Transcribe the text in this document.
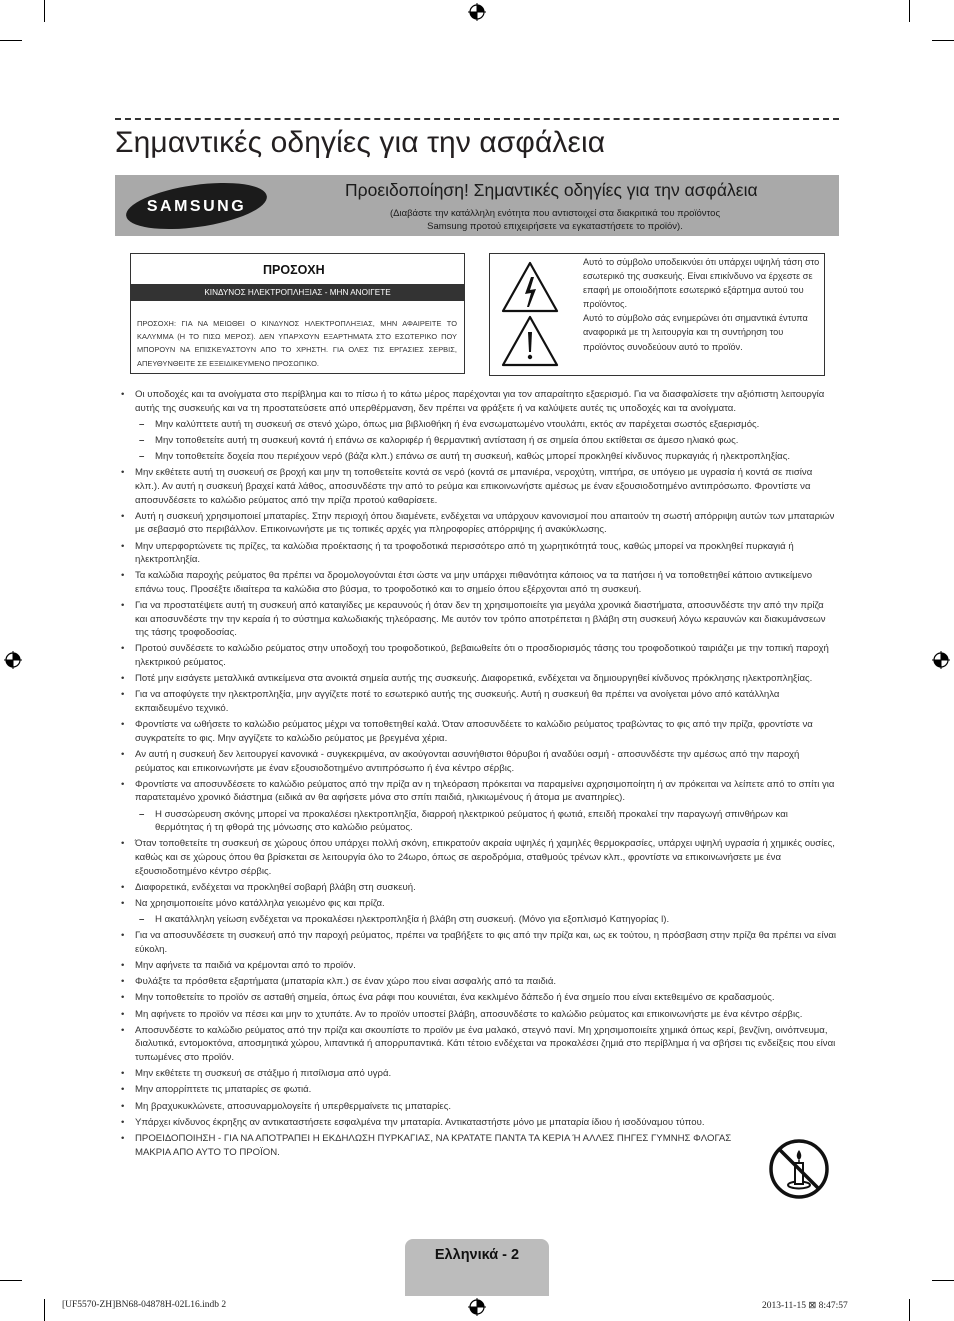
Σημαντικές οδηγίες για την ασφάλεια
SAMSUNG
Προειδοποίηση! Σημαντικές οδηγίες για την ασφάλεια
(Διαβάστε την κατάλληλη ενότητα που αντιστοιχεί στα διακριτικά του προϊόντος
Samsung προτού επιχειρήσετε να εγκαταστήσετε το προϊόν).
ΠΡΟΣΟΧΗ
ΚΙΝΔΥΝΟΣ ΗΛΕΚΤΡΟΠΛΗΞΙΑΣ - ΜΗΝ ΑΝΟΙΓΕΤΕ
ΠΡΟΣΟΧΗ: ΓΙΑ ΝΑ ΜΕΙΩΘΕΙ Ο ΚΙΝΔΥΝΟΣ ΗΛΕΚΤΡΟΠΛΗΞΙΑΣ, ΜΗΝ ΑΦΑΙΡΕΙΤΕ ΤΟ ΚΑΛΥΜΜΑ (Η ΤΟ ΠΙΣΩ ΜΕΡΟΣ). ΔΕΝ ΥΠΑΡΧΟΥΝ ΕΞΑΡΤΗΜΑΤΑ ΣΤΟ ΕΣΩΤΕΡΙΚΟ ΠΟΥ ΜΠΟΡΟΥΝ ΝΑ ΕΠΙΣΚΕΥΑΣΤΟΥΝ ΑΠΟ ΤΟ ΧΡΗΣΤΗ. ΓΙΑ ΟΛΕΣ ΤΙΣ ΕΡΓΑΣΙΕΣ ΣΕΡΒΙΣ, ΑΠΕΥΘΥΝΘΕΙΤΕ ΣΕ ΕΞΕΙΔΙΚΕΥΜΕΝΟ ΠΡΟΣΩΠΙΚΟ.
Αυτό το σύμβολο υποδεικνύει ότι υπάρχει υψηλή τάση στο εσωτερικό της συσκευής. Είναι επικίνδυνο να έρχεστε σε επαφή με οποιοδήποτε εσωτερικό εξάρτημα αυτού του προϊόντος.
Αυτό το σύμβολο σάς ενημερώνει ότι σημαντικά έντυπα αναφορικά με τη λειτουργία και τη συντήρηση του προϊόντος συνοδεύουν αυτό το προϊόν.
• Οι υποδοχές και τα ανοίγματα στο περίβλημα και το πίσω ή το κάτω μέρος παρέχονται για τον απαραίτητο εξαερισμό. Για να διασφαλίσετε την αξιόπιστη λειτουργία αυτής της συσκευής και να τη προστατεύσετε από υπερθέρμανση, δεν πρέπει να φράξετε ή να καλύψετε αυτές τις υποδοχές και τα ανοίγματα.
– Μην καλύπτετε αυτή τη συσκευή σε στενό χώρο, όπως μια βιβλιοθήκη ή ένα ενσωματωμένο ντουλάπι, εκτός αν παρέχεται σωστός εξαερισμός.
– Μην τοποθετείτε αυτή τη συσκευή κοντά ή επάνω σε καλοριφέρ ή θερμαντική αντίσταση ή σε σημεία όπου εκτίθεται σε άμεσο ηλιακό φως.
– Μην τοποθετείτε δοχεία που περιέχουν νερό (βάζα κλπ.) επάνω σε αυτή τη συσκευή, καθώς μπορεί προκληθεί κίνδυνος πυρκαγιάς ή ηλεκτροπληξίας.
• Μην εκθέτετε αυτή τη συσκευή σε βροχή και μην τη τοποθετείτε κοντά σε νερό (κοντά σε μπανιέρα, νεροχύτη, νιπτήρα, σε υπόγειο με υγρασία ή κοντά σε πισίνα κλπ.). Αν αυτή η συσκευή βραχεί κατά λάθος, αποσυνδέστε την από το ρεύμα και επικοινωνήστε αμέσως με έναν εξουσιοδοτημένο αντιπρόσωπο. Φροντίστε να αποσυνδέσετε το καλώδιο ρεύματος από την πρίζα προτού καθαρίσετε.
• Αυτή η συσκευή χρησιμοποιεί μπαταρίες. Στην περιοχή όπου διαμένετε, ενδέχεται να υπάρχουν κανονισμοί που απαιτούν τη σωστή απόρριψη αυτών των μπαταριών με σεβασμό στο περιβάλλον. Επικοινωνήστε με τις τοπικές αρχές για πληροφορίες απόρριψης ή ανακύκλωσης.
• Μην υπερφορτώνετε τις πρίζες, τα καλώδια προέκτασης ή τα τροφοδοτικά περισσότερο από τη χωρητικότητά τους, καθώς μπορεί να προκληθεί πυρκαγιά ή ηλεκτροπληξία.
• Τα καλώδια παροχής ρεύματος θα πρέπει να δρομολογούνται έτσι ώστε να μην υπάρχει πιθανότητα κάποιος να τα πατήσει ή να τοποθετηθεί κάποιο αντικείμενο επάνω τους. Προσέξτε ιδιαίτερα τα καλώδια στο βύσμα, το τροφοδοτικό και το σημείο όπου εξέρχονται από τη συσκευή.
• Για να προστατέψετε αυτή τη συσκευή από καταιγίδες με κεραυνούς ή όταν δεν τη χρησιμοποιείτε για μεγάλα χρονικά διαστήματα, αποσυνδέστε την από την πρίζα και αποσυνδέστε την την κεραία ή το σύστημα καλωδιακής τηλεόρασης. Με αυτόν τον τρόπο αποτρέπεται η βλάβη στη συσκευή λόγω κεραυνών και διακυμάνσεων της τάσης τροφοδοσίας.
• Προτού συνδέσετε το καλώδιο ρεύματος στην υποδοχή του τροφοδοτικού, βεβαιωθείτε ότι ο προσδιορισμός τάσης του τροφοδοτικού ταιριάζει με την τοπική παροχή ηλεκτρικού ρεύματος.
• Ποτέ μην εισάγετε μεταλλικά αντικείμενα στα ανοικτά σημεία αυτής της συσκευής. Διαφορετικά, ενδέχεται να δημιουργηθεί κίνδυνος πρόκλησης ηλεκτροπληξίας.
• Για να αποφύγετε την ηλεκτροπληξία, μην αγγίζετε ποτέ το εσωτερικό αυτής της συσκευής. Αυτή η συσκευή θα πρέπει να ανοίγεται μόνο από κατάλληλα εκπαιδευμένο τεχνικό.
• Φροντίστε να ωθήσετε το καλώδιο ρεύματος μέχρι να τοποθετηθεί καλά. Όταν αποσυνδέετε το καλώδιο ρεύματος τραβώντας το φις από την πρίζα, φροντίστε να συγκρατείτε το φις. Μην αγγίζετε το καλώδιο ρεύματος με βρεγμένα χέρια.
• Αν αυτή η συσκευή δεν λειτουργεί κανονικά - συγκεκριμένα, αν ακούγονται ασυνήθιστοι θόρυβοι ή αναδύει οσμή - αποσυνδέστε την αμέσως από την παροχή ρεύματος και επικοινωνήστε με έναν εξουσιοδοτημένο αντιπρόσωπο ή ένα κέντρο σέρβις.
• Φροντίστε να αποσυνδέσετε το καλώδιο ρεύματος από την πρίζα αν η τηλεόραση πρόκειται να παραμείνει αχρησιμοποίητη ή αν πρόκειται να λείπετε από το σπίτι για παρατεταμένο χρονικό διάστημα (ειδικά αν θα αφήσετε μόνα στο σπίτι παιδιά, ηλικιωμένους ή άτομα με αναπηρίες).
– Η συσσώρευση σκόνης μπορεί να προκαλέσει ηλεκτροπληξία, διαρροή ηλεκτρικού ρεύματος ή φωτιά, επειδή προκαλεί την παραγωγή σπινθήρων και θερμότητας ή τη φθορά της μόνωσης στο καλώδιο ρεύματος.
• Όταν τοποθετείτε τη συσκευή σε χώρους όπου υπάρχει πολλή σκόνη, επικρατούν ακραία υψηλές ή χαμηλές θερμοκρασίες, υπάρχει υψηλή υγρασία ή χημικές ουσίες, καθώς και σε χώρους όπου θα βρίσκεται σε λειτουργία όλο το 24ωρο, όπως σε αεροδρόμια, σταθμούς τρένων κλπ., φροντίστε να επικοινωνήσετε με ένα εξουσιοδοτημένο κέντρο σέρβις.
• Διαφορετικά, ενδέχεται να προκληθεί σοβαρή βλάβη στη συσκευή.
• Να χρησιμοποιείτε μόνο κατάλληλα γειωμένο φις και πρίζα.
– Η ακατάλληλη γείωση ενδέχεται να προκαλέσει ηλεκτροπληξία ή βλάβη στη συσκευή. (Μόνο για εξοπλισμό Κατηγορίας l).
• Για να αποσυνδέσετε τη συσκευή από την παροχή ρεύματος, πρέπει να τραβήξετε το φις από την πρίζα και, ως εκ τούτου, η πρόσβαση στην πρίζα θα πρέπει να είναι εύκολη.
• Μην αφήνετε τα παιδιά να κρέμονται από το προϊόν.
• Φυλάξτε τα πρόσθετα εξαρτήματα (μπαταρία κλπ.) σε έναν χώρο που είναι ασφαλής από τα παιδιά.
• Μην τοποθετείτε το προϊόν σε ασταθή σημεία, όπως ένα ράφι που κουνιέται, ένα κεκλιμένο δάπεδο ή ένα σημείο που είναι εκτεθειμένο σε κραδασμούς.
• Μη αφήνετε το προϊόν να πέσει και μην το χτυπάτε. Αν το προϊόν υποστεί βλάβη, αποσυνδέστε το καλώδιο ρεύματος και επικοινωνήστε με ένα κέντρο σέρβις.
• Αποσυνδέστε το καλώδιο ρεύματος από την πρίζα και σκουπίστε το προϊόν με ένα μαλακό, στεγνό πανί. Μη χρησιμοποιείτε χημικά όπως κερί, βενζίνη, οινόπνευμα, διαλυτικά, εντομοκτόνα, αποσμητικά χώρου, λιπαντικά ή απορρυπαντικά. Κάτι τέτοιο ενδέχεται να προκαλέσει ζημιά στο περίβλημα ή να σβήσει τις ενδείξεις που είναι τυπωμένες στο προϊόν.
• Μην εκθέτετε τη συσκευή σε στάξιμο ή πιτσίλισμα από υγρά.
• Μην απορρίπτετε τις μπαταρίες σε φωτιά.
• Μη βραχυκυκλώνετε, αποσυναρμολογείτε ή υπερθερμαίνετε τις μπαταρίες.
• Υπάρχει κίνδυνος έκρηξης αν αντικαταστήσετε εσφαλμένα την μπαταρία. Αντικαταστήστε μόνο με μπαταρία ίδιου ή ισοδύναμου τύπου.
• ΠΡΟΕΙΔΟΠΟΙΗΣΗ - ΓΙΑ ΝΑ ΑΠΟΤΡΑΠΕΙ Η ΕΚΔΗΛΩΣΗ ΠΥΡΚΑΓΙΑΣ, ΝΑ ΚΡΑΤΑΤΕ ΠΑΝΤΑ ΤΑ ΚΕΡΙΑ Ή ΑΛΛΕΣ ΠΗΓΕΣ ΓΥΜΝΗΣ ΦΛΟΓΑΣ ΜΑΚΡΙΑ ΑΠΟ ΑΥΤΟ ΤΟ ΠΡΟΪΟΝ.
Ελληνικά - 2
[UF5570-ZH]BN68-04878H-02L16.indb 2	2013-11-15 ⊠ 8:47:57
